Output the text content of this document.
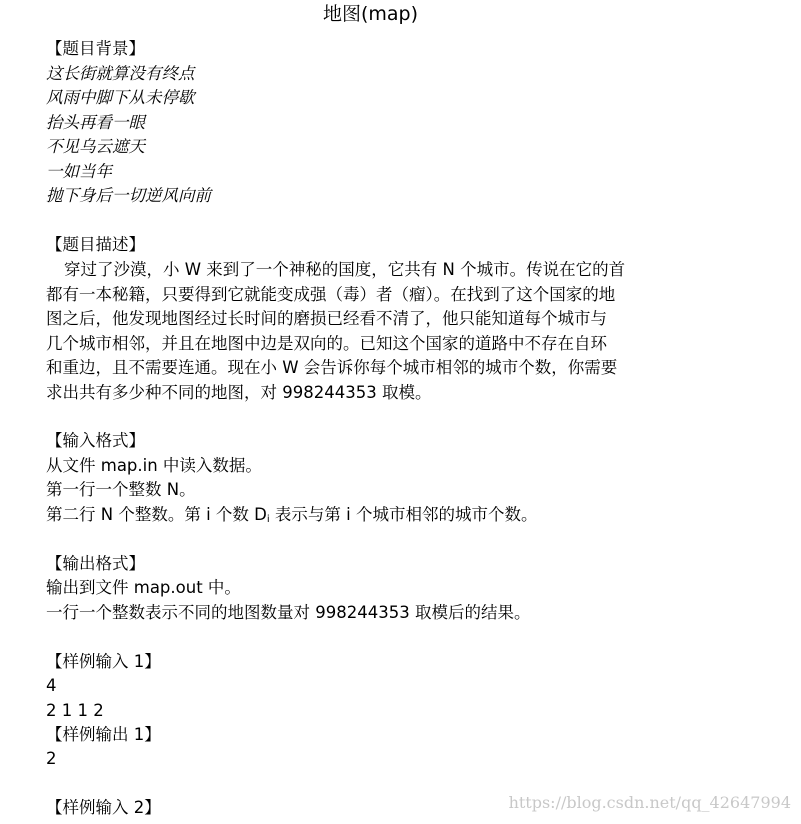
地图(map)
【题目背景】
这长街就算没有终点
风雨中脚下从未停歇
抬头再看一眼
不见乌云遮天
一如当年
抛下身后一切逆风向前
【题目描述】

穿过了沙漠，小 W 来到了一个神秘的国度，它共有 N 个城市。传说在它的首

都有一本秘籍，只要得到它就能变成强（毒）者（瘤）。在找到了这个国家的地

图之后，他发现地图经过长时间的磨损已经看不清了，他只能知道每个城市与

几个城市相邻，并且在地图中边是双向的。已知这个国家的道路中不存在自环

和重边，且不需要连通。现在小 W 会告诉你每个城市相邻的城市个数，你需要

求出共有多少种不同的地图，对 998244353 取模。

【输入格式】
从文件 map.in 中读入数据。
第一行一个整数 N。
第二行 N 个整数。第 i 个数 $D_i$ 表示与第 i 个城市相邻的城市个数。
【输出格式】
输出到文件 map.out 中。
一行一个整数表示不同的地图数量对 998244353 取模后的结果。
【样例输入 1】
4
2 1 1 2
【样例输出 1】
2
【样例输入 2】	https://blog.csdn.net/qq_42647994
